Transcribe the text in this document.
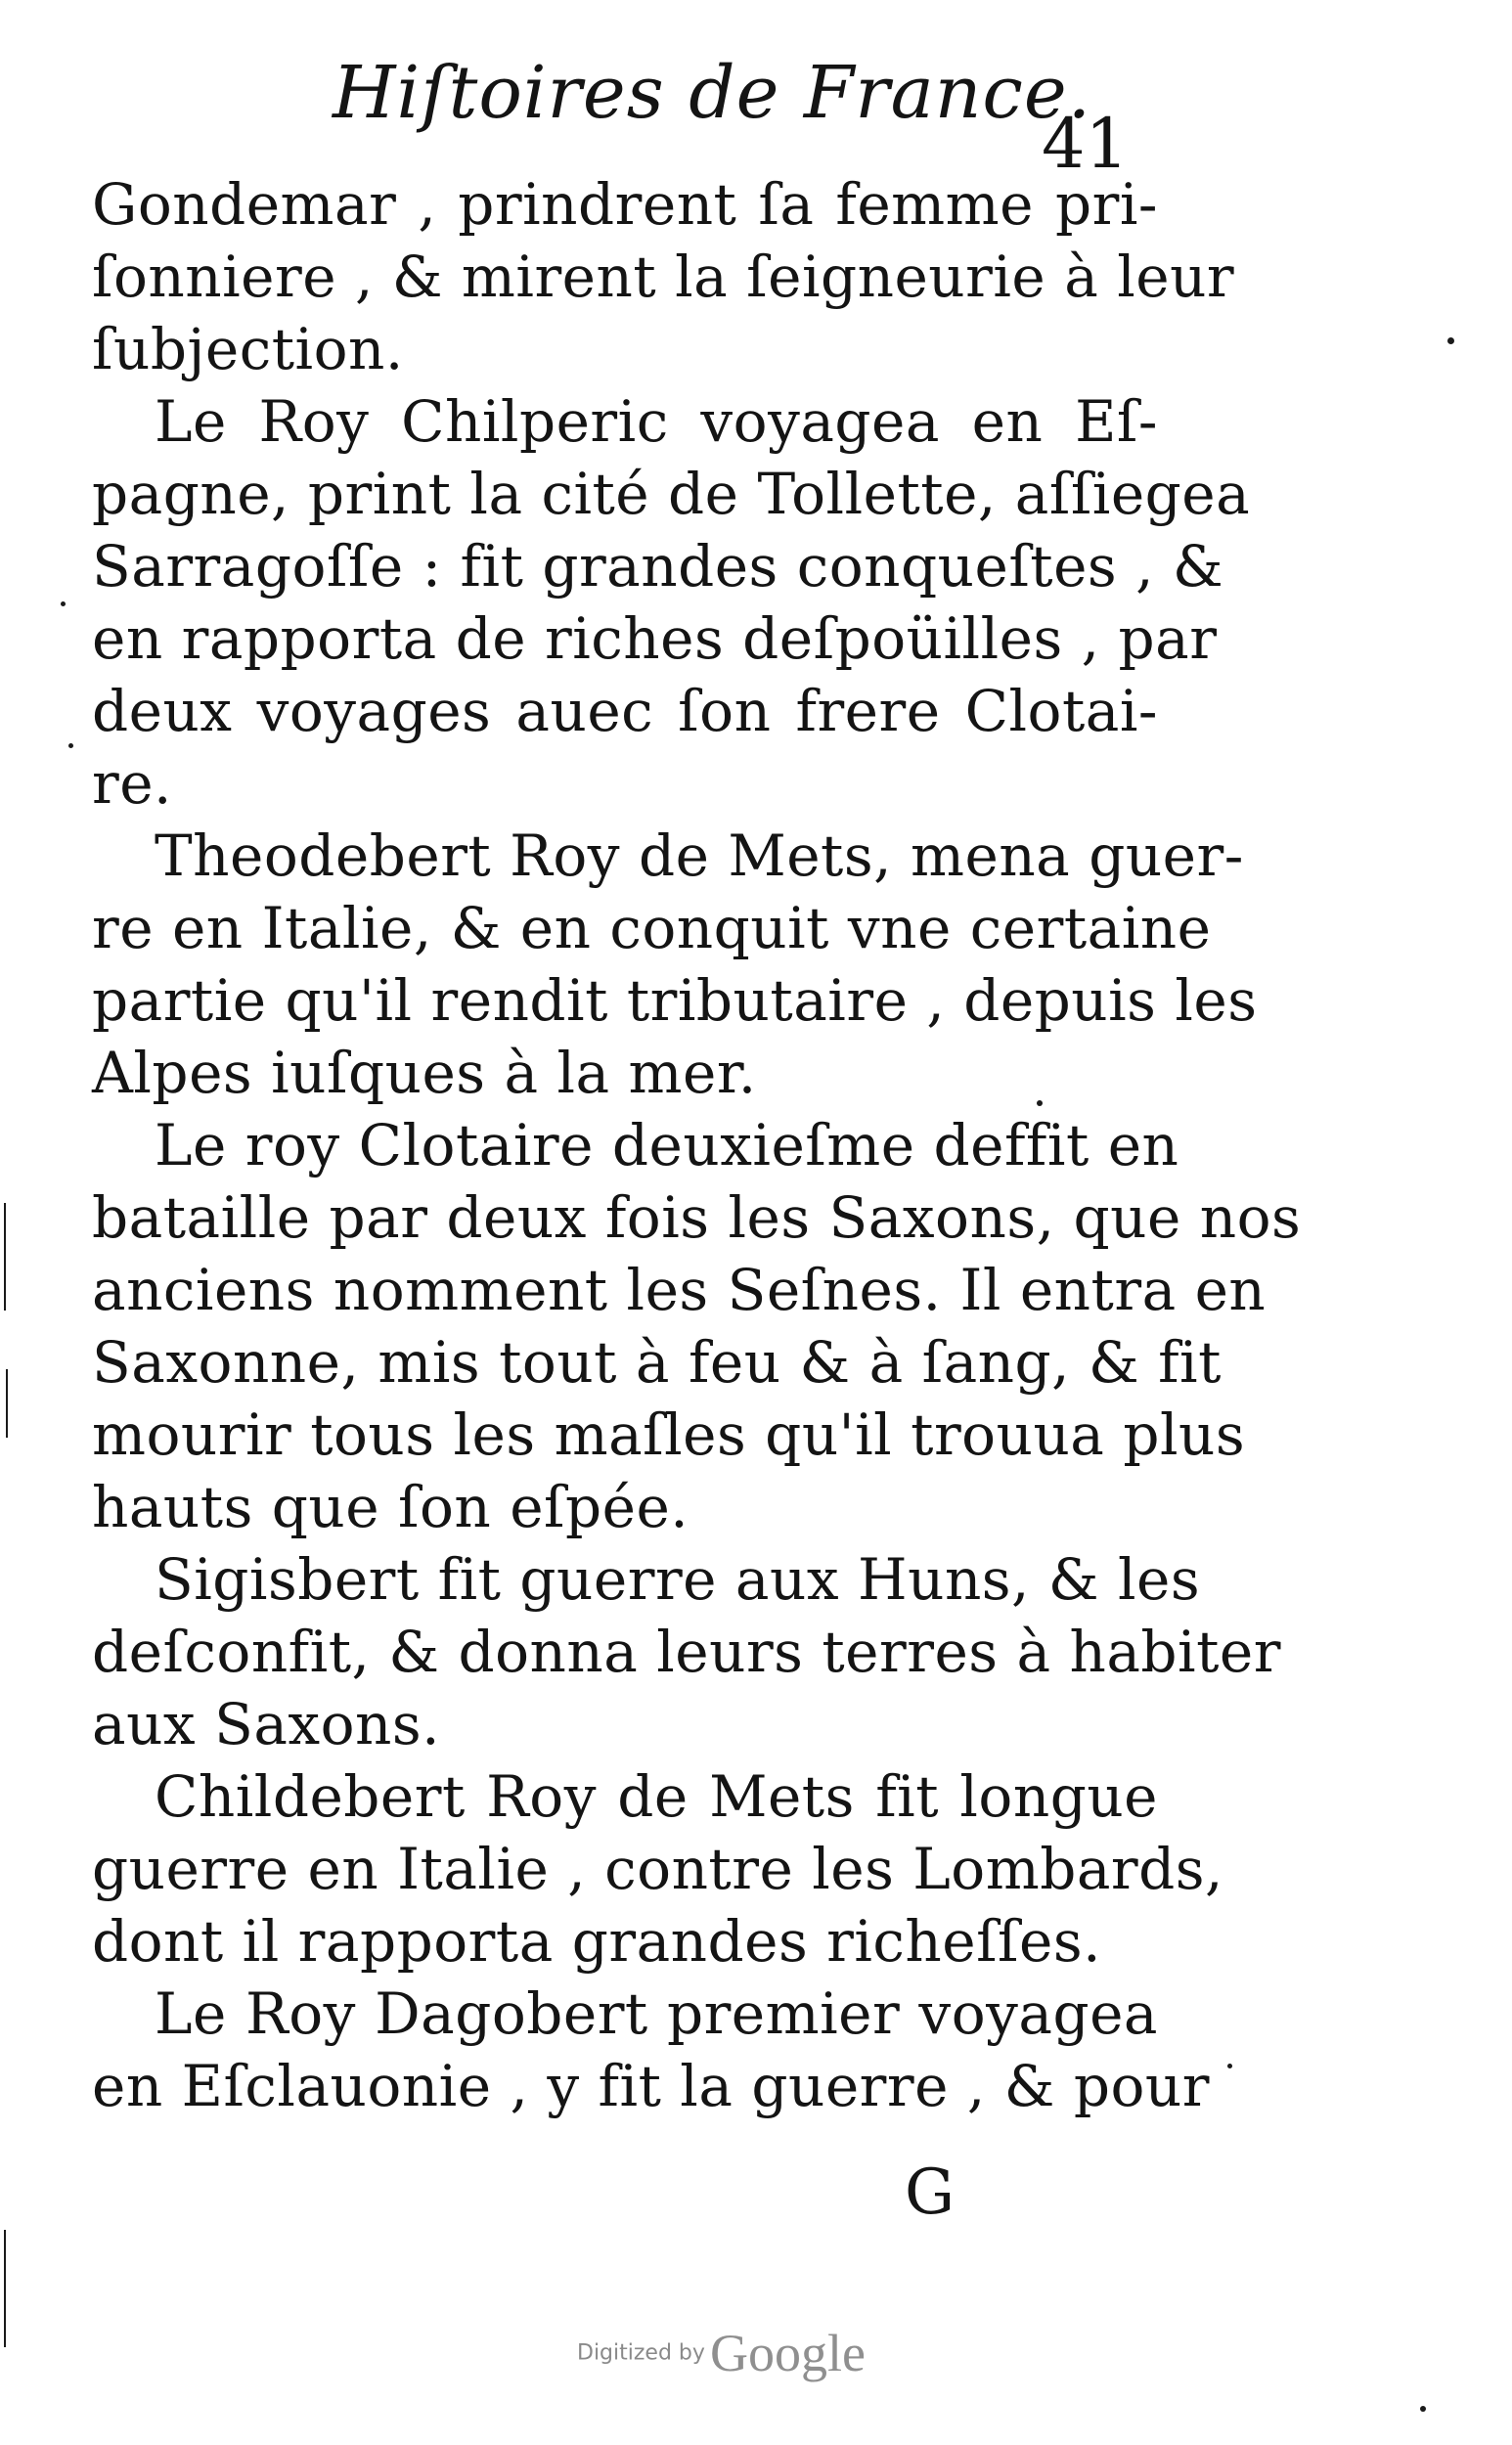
Hiſtoires de France.
41
Gondemar , prindrent ſa femme pri-
ſonniere , & mirent la ſeigneurie à leur
ſubjection.
Le Roy Chilperic voyagea en Eſ-
pagne, print la cité de Tollette, aſſiegea
Sarragoſſe : fit grandes conqueſtes , &
en rapporta de riches deſpoüilles , par
deux voyages auec ſon frere Clotai-
re.
Theodebert Roy de Mets, mena guer-
re en Italie, & en conquit vne certaine
partie qu'il rendit tributaire , depuis les
Alpes iuſques à la mer.
Le roy Clotaire deuxieſme deffit en
bataille par deux fois les Saxons, que nos
anciens nomment les Seſnes. Il entra en
Saxonne, mis tout à feu & à ſang, & fit
mourir tous les maſles qu'il trouua plus
hauts que ſon eſpée.
Sigisbert fit guerre aux Huns, & les
deſconfit, & donna leurs terres à habiter
aux Saxons.
Childebert Roy de Mets fit longue
guerre en Italie , contre les Lombards,
dont il rapporta grandes richeſſes.
Le Roy Dagobert premier voyagea
en Eſclauonie , y fit la guerre , & pour
G
Digitized by Google
